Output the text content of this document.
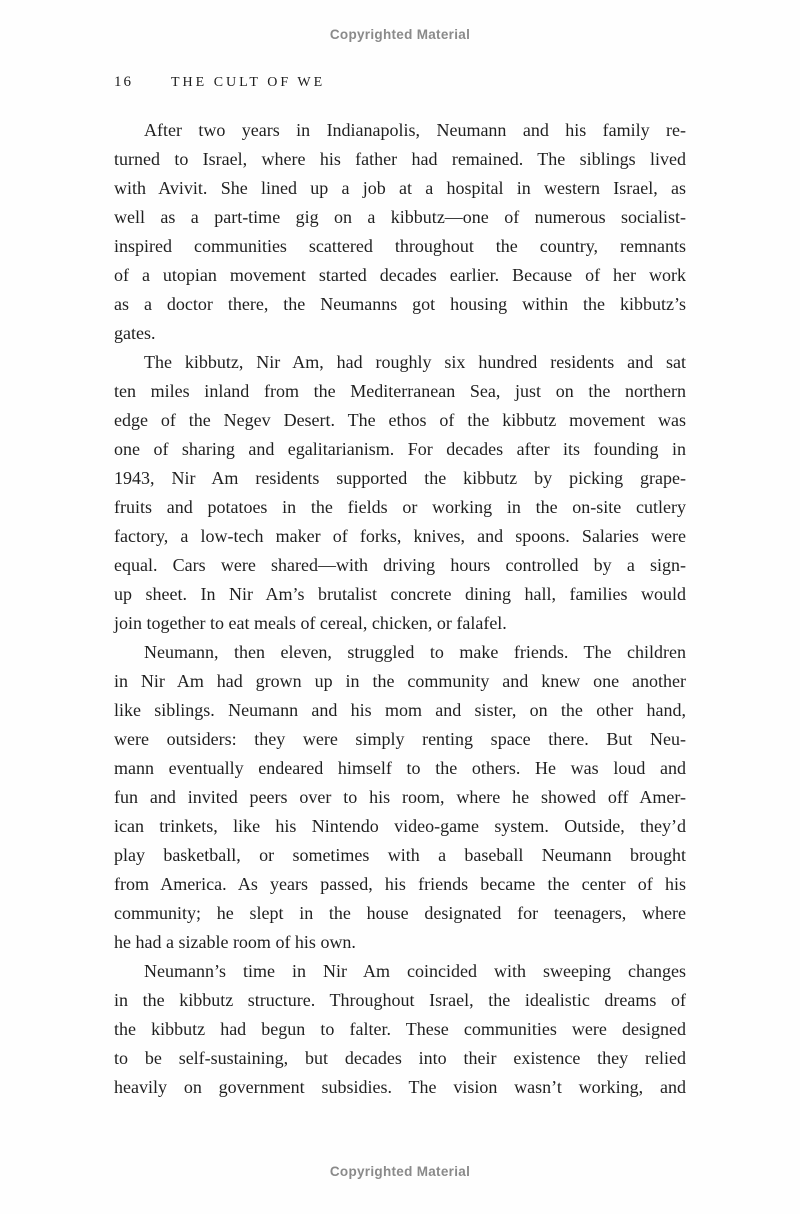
Copyrighted Material
16	THE CULT OF WE
After two years in Indianapolis, Neumann and his family re-
turned to Israel, where his father had remained. The siblings lived
with Avivit. She lined up a job at a hospital in western Israel, as
well as a part-time gig on a kibbutz—one of numerous socialist-
inspired communities scattered throughout the country, remnants
of a utopian movement started decades earlier. Because of her work
as a doctor there, the Neumanns got housing within the kibbutz’s
gates.
The kibbutz, Nir Am, had roughly six hundred residents and sat
ten miles inland from the Mediterranean Sea, just on the northern
edge of the Negev Desert. The ethos of the kibbutz movement was
one of sharing and egalitarianism. For decades after its founding in
1943, Nir Am residents supported the kibbutz by picking grape-
fruits and potatoes in the fields or working in the on-site cutlery
factory, a low-tech maker of forks, knives, and spoons. Salaries were
equal. Cars were shared—with driving hours controlled by a sign-
up sheet. In Nir Am’s brutalist concrete dining hall, families would
join together to eat meals of cereal, chicken, or falafel.
Neumann, then eleven, struggled to make friends. The children
in Nir Am had grown up in the community and knew one another
like siblings. Neumann and his mom and sister, on the other hand,
were outsiders: they were simply renting space there. But Neu-
mann eventually endeared himself to the others. He was loud and
fun and invited peers over to his room, where he showed off Amer-
ican trinkets, like his Nintendo video-game system. Outside, they’d
play basketball, or sometimes with a baseball Neumann brought
from America. As years passed, his friends became the center of his
community; he slept in the house designated for teenagers, where
he had a sizable room of his own.
Neumann’s time in Nir Am coincided with sweeping changes
in the kibbutz structure. Throughout Israel, the idealistic dreams of
the kibbutz had begun to falter. These communities were designed
to be self-sustaining, but decades into their existence they relied
heavily on government subsidies. The vision wasn’t working, and
Copyrighted Material
